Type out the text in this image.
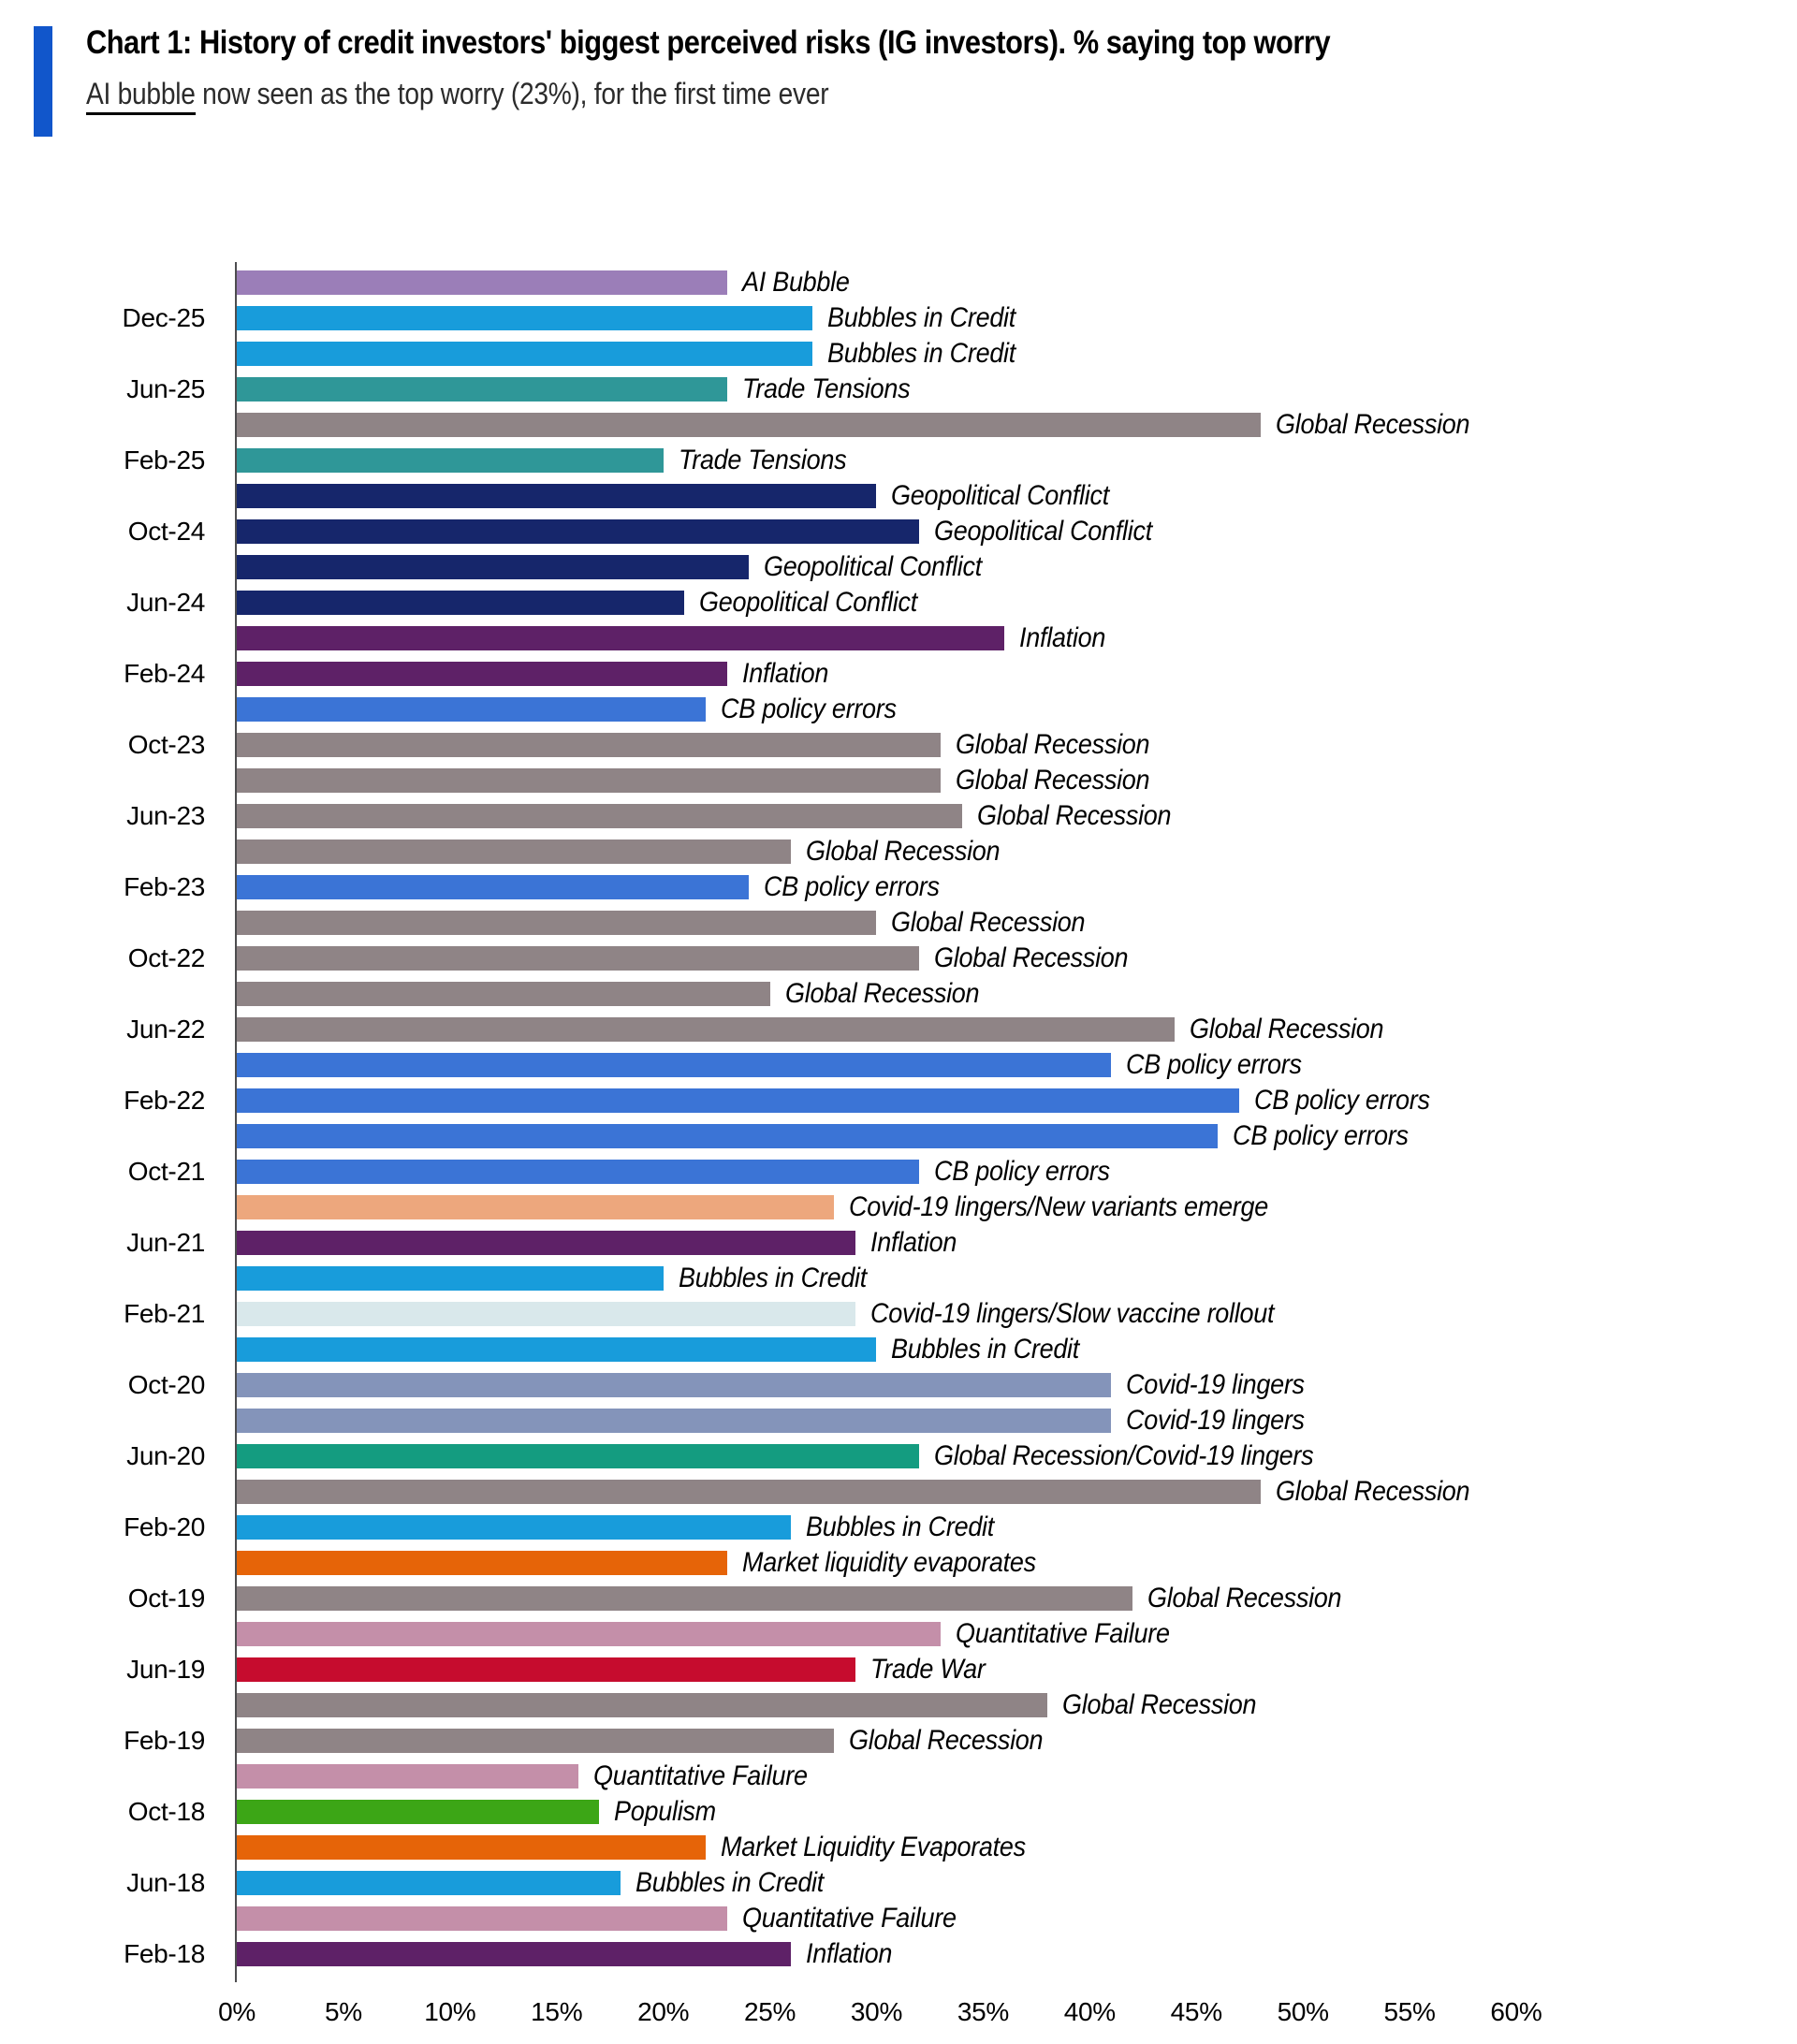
Chart 1: History of credit investors' biggest perceived risks (IG investors). % saying top worry
AI bubble now seen as the top worry (23%), for the first time ever
Dec-25
Jun-25
Feb-25
Oct-24
Jun-24
Feb-24
Oct-23
Jun-23
Feb-23
Oct-22
Jun-22
Feb-22
Oct-21
Jun-21
Feb-21
Oct-20
Jun-20
Feb-20
Oct-19
Jun-19
Feb-19
Oct-18
Jun-18
Feb-18
AI Bubble
Bubbles in Credit
Bubbles in Credit
Trade Tensions
Global Recession
Trade Tensions
Geopolitical Conflict
Geopolitical Conflict
Geopolitical Conflict
Geopolitical Conflict
Inflation
Inflation
CB policy errors
Global Recession
Global Recession
Global Recession
Global Recession
CB policy errors
Global Recession
Global Recession
Global Recession
Global Recession
CB policy errors
CB policy errors
CB policy errors
CB policy errors
Covid-19 lingers/New variants emerge
Inflation
Bubbles in Credit
Covid-19 lingers/Slow vaccine rollout
Bubbles in Credit
Covid-19 lingers
Covid-19 lingers
Global Recession/Covid-19 lingers
Global Recession
Bubbles in Credit
Market liquidity evaporates
Global Recession
Quantitative Failure
Trade War
Global Recession
Global Recession
Quantitative Failure
Populism
Market Liquidity Evaporates
Bubbles in Credit
Quantitative Failure
Inflation
0%	5%	10%	15%	20%	25%	30%	35%	40%	45%	50%	55%	60%
